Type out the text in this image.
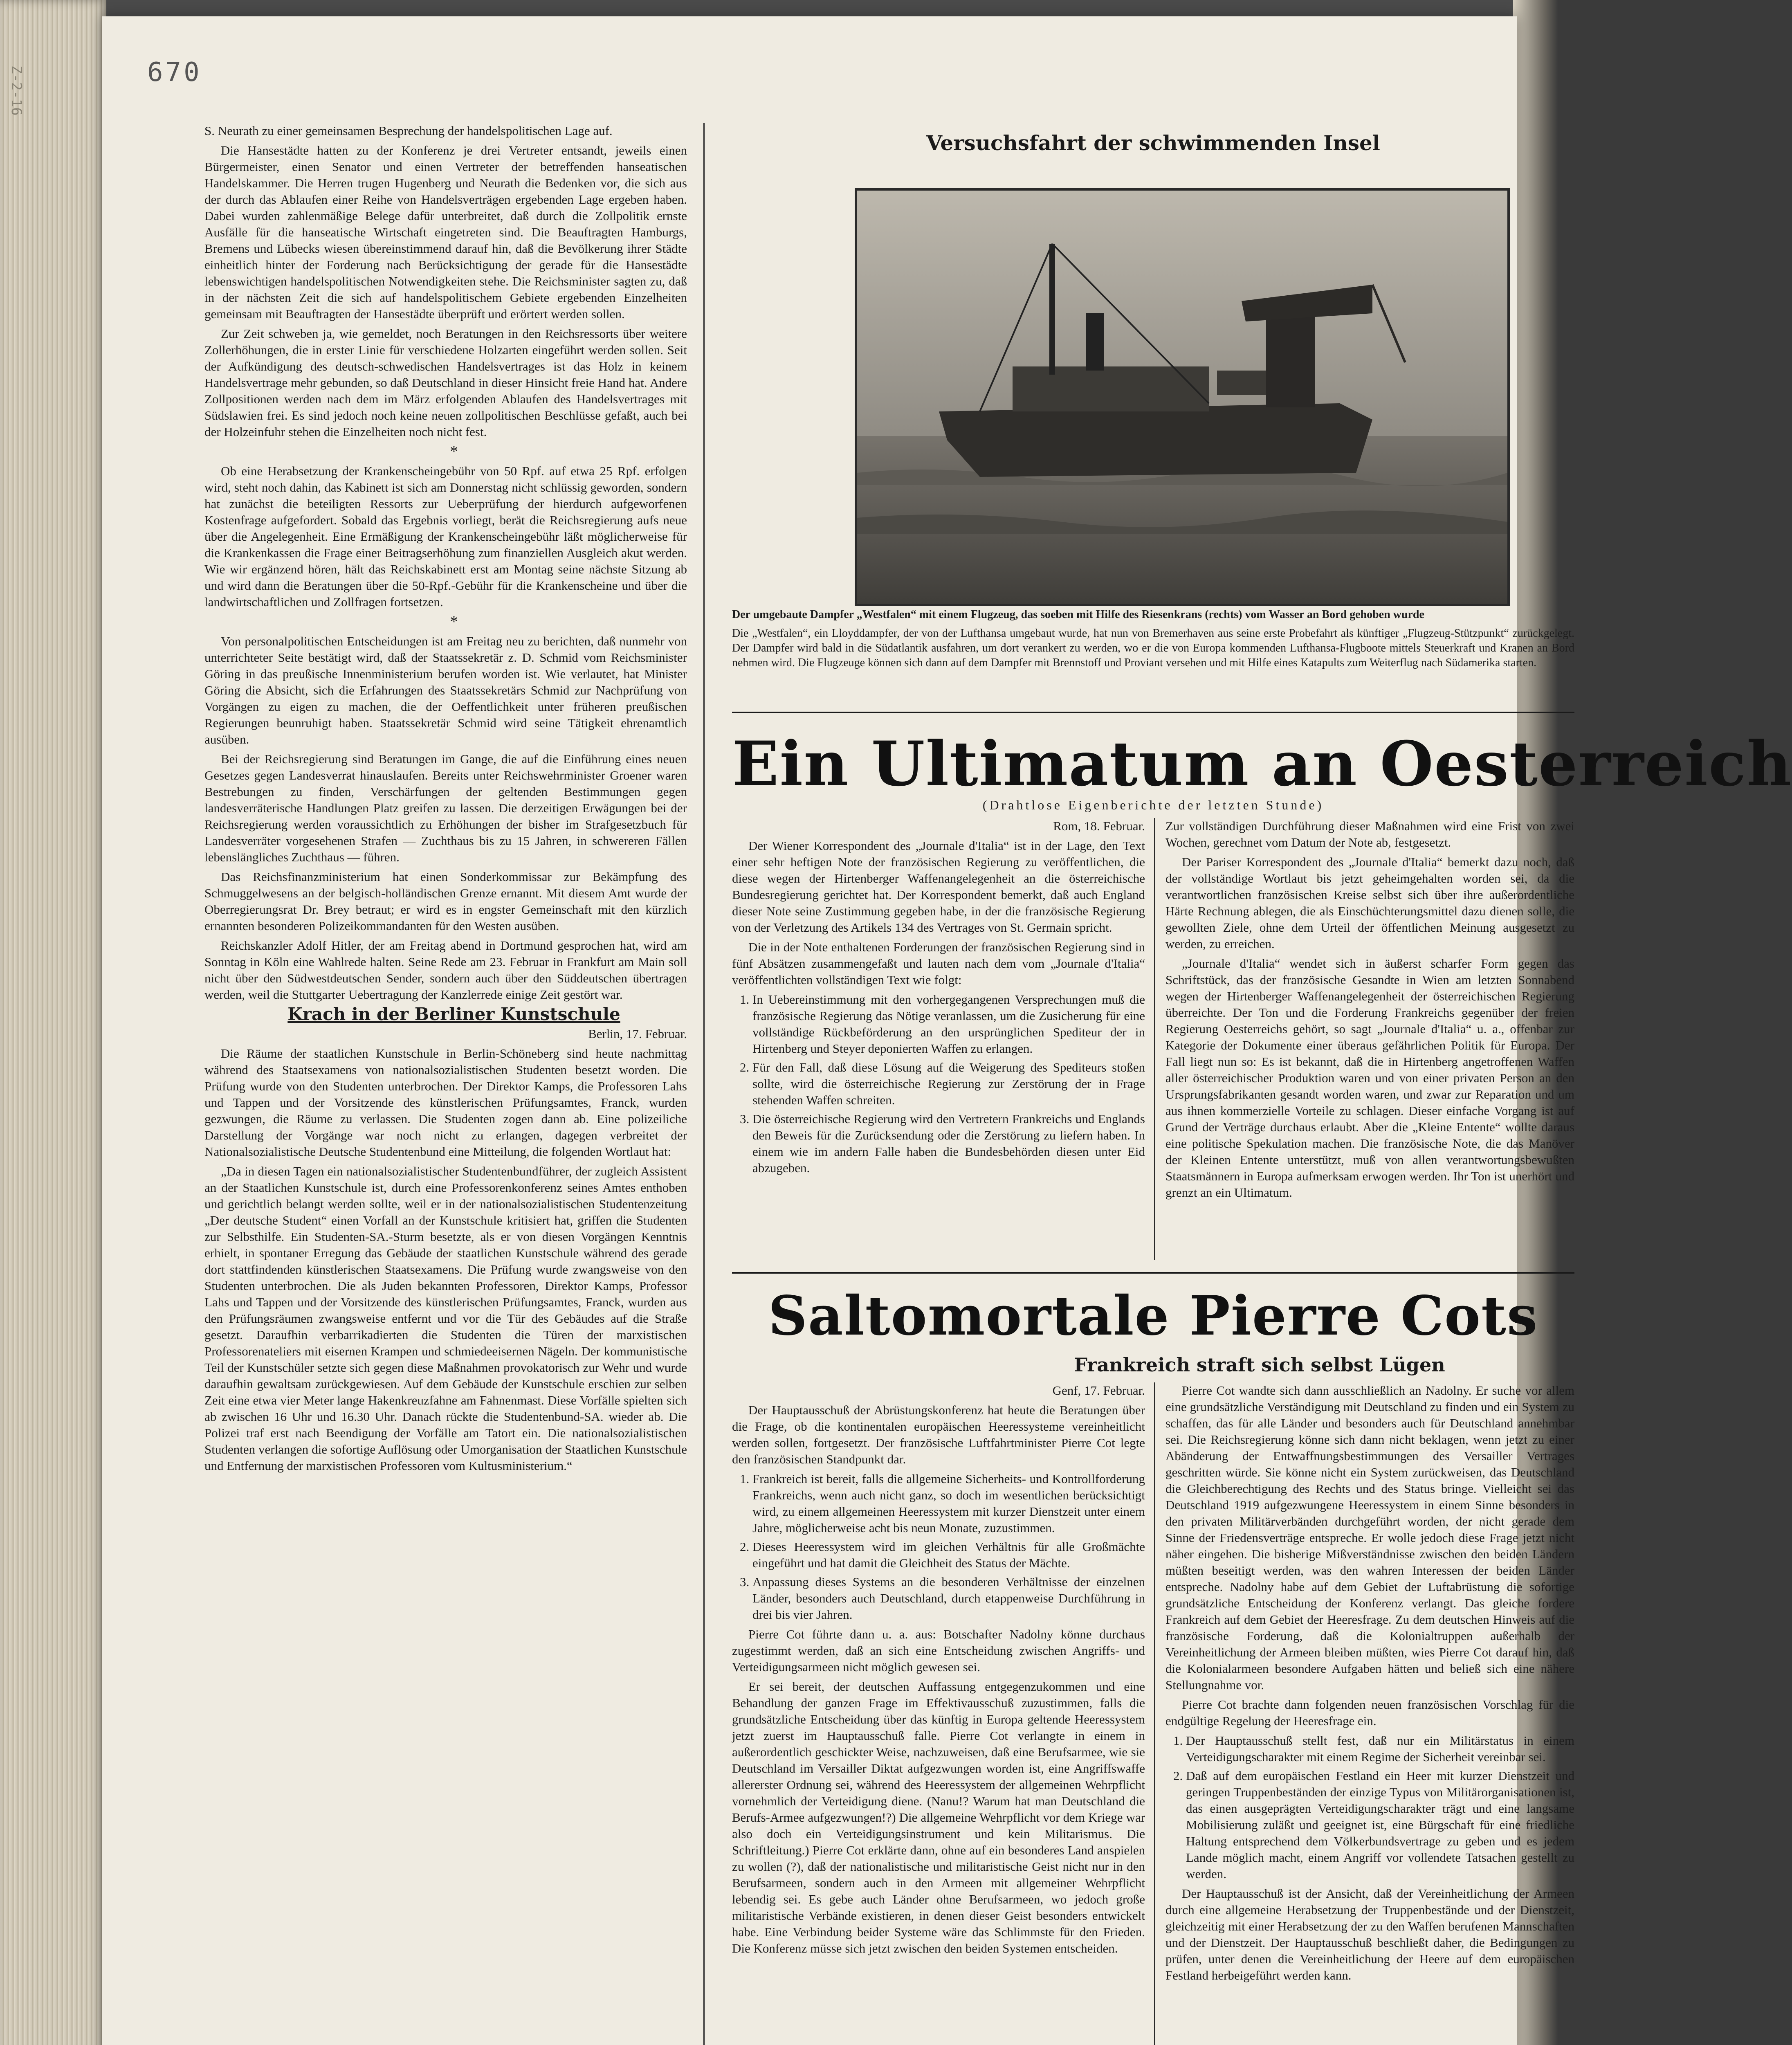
Z-2-16	670

S. Neurath zu einer gemeinsamen Besprechung der handelspolitischen Lage auf.

Die Hansestädte hatten zu der Konferenz je drei Vertreter entsandt, jeweils einen Bürgermeister, einen Senator und einen Vertreter der betreffenden hanseatischen Handelskammer. Die Herren trugen Hugenberg und Neurath die Bedenken vor, die sich aus der durch das Ablaufen einer Reihe von Handelsverträgen ergebenden Lage ergeben haben. Dabei wurden zahlenmäßige Belege dafür unterbreitet, daß durch die Zollpolitik ernste Ausfälle für die hanseatische Wirtschaft eingetreten sind. Die Beauftragten Hamburgs, Bremens und Lübecks wiesen übereinstimmend darauf hin, daß die Bevölkerung ihrer Städte einheitlich hinter der Forderung nach Berücksichtigung der gerade für die Hansestädte lebenswichtigen handelspolitischen Notwendigkeiten stehe. Die Reichsminister sagten zu, daß in der nächsten Zeit die sich auf handelspolitischem Gebiete ergebenden Einzelheiten gemeinsam mit Beauftragten der Hansestädte überprüft und erörtert werden sollen.

Zur Zeit schweben ja, wie gemeldet, noch Beratungen in den Reichsressorts über weitere Zollerhöhungen, die in erster Linie für verschiedene Holzarten eingeführt werden sollen. Seit der Aufkündigung des deutsch-schwedischen Handelsvertrages ist das Holz in keinem Handelsvertrage mehr gebunden, so daß Deutschland in dieser Hinsicht freie Hand hat. Andere Zollpositionen werden nach dem im März erfolgenden Ablaufen des Handelsvertrages mit Südslawien frei. Es sind jedoch noch keine neuen zollpolitischen Beschlüsse gefaßt, auch bei der Holzeinfuhr stehen die Einzelheiten noch nicht fest.

*

Ob eine Herabsetzung der Krankenscheingebühr von 50 Rpf. auf etwa 25 Rpf. erfolgen wird, steht noch dahin, das Kabinett ist sich am Donnerstag nicht schlüssig geworden, sondern hat zunächst die beteiligten Ressorts zur Ueberprüfung der hierdurch aufgeworfenen Kostenfrage aufgefordert. Sobald das Ergebnis vorliegt, berät die Reichsregierung aufs neue über die Angelegenheit. Eine Ermäßigung der Krankenscheingebühr läßt möglicherweise für die Krankenkassen die Frage einer Beitragserhöhung zum finanziellen Ausgleich akut werden. Wie wir ergänzend hören, hält das Reichskabinett erst am Montag seine nächste Sitzung ab und wird dann die Beratungen über die 50-Rpf.-Gebühr für die Krankenscheine und über die landwirtschaftlichen und Zollfragen fortsetzen.

*

Von personalpolitischen Entscheidungen ist am Freitag neu zu berichten, daß nunmehr von unterrichteter Seite bestätigt wird, daß der Staatssekretär z. D. Schmid vom Reichsminister Göring in das preußische Innenministerium berufen worden ist. Wie verlautet, hat Minister Göring die Absicht, sich die Erfahrungen des Staatssekretärs Schmid zur Nachprüfung von Vorgängen zu eigen zu machen, die der Oeffentlichkeit unter früheren preußischen Regierungen beunruhigt haben. Staatssekretär Schmid wird seine Tätigkeit ehrenamtlich ausüben.

Bei der Reichsregierung sind Beratungen im Gange, die auf die Einführung eines neuen Gesetzes gegen Landesverrat hinauslaufen. Bereits unter Reichswehrminister Groener waren Bestrebungen zu finden, Verschärfungen der geltenden Bestimmungen gegen landesverräterische Handlungen Platz greifen zu lassen. Die derzeitigen Erwägungen bei der Reichsregierung werden voraussichtlich zu Erhöhungen der bisher im Strafgesetzbuch für Landesverräter vorgesehenen Strafen — Zuchthaus bis zu 15 Jahren, in schwereren Fällen lebenslängliches Zuchthaus — führen.

Das Reichsfinanzministerium hat einen Sonderkommissar zur Bekämpfung des Schmuggelwesens an der belgisch-holländischen Grenze ernannt. Mit diesem Amt wurde der Oberregierungsrat Dr. Brey betraut; er wird es in engster Gemeinschaft mit den kürzlich ernannten besonderen Polizeikommandanten für den Westen ausüben.

Reichskanzler Adolf Hitler, der am Freitag abend in Dortmund gesprochen hat, wird am Sonntag in Köln eine Wahlrede halten. Seine Rede am 23. Februar in Frankfurt am Main soll nicht über den Südwestdeutschen Sender, sondern auch über den Süddeutschen übertragen werden, weil die Stuttgarter Uebertragung der Kanzlerrede einige Zeit gestört war.

Krach in der Berliner Kunstschule

Berlin, 17. Februar.

Die Räume der staatlichen Kunstschule in Berlin-Schöneberg sind heute nachmittag während des Staatsexamens von nationalsozialistischen Studenten besetzt worden. Die Prüfung wurde von den Studenten unterbrochen. Der Direktor Kamps, die Professoren Lahs und Tappen und der Vorsitzende des künstlerischen Prüfungsamtes, Franck, wurden gezwungen, die Räume zu verlassen. Die Studenten zogen dann ab. Eine polizeiliche Darstellung der Vorgänge war noch nicht zu erlangen, dagegen verbreitet der Nationalsozialistische Deutsche Studentenbund eine Mitteilung, die folgenden Wortlaut hat:

„Da in diesen Tagen ein nationalsozialistischer Studentenbundführer, der zugleich Assistent an der Staatlichen Kunstschule ist, durch eine Professorenkonferenz seines Amtes enthoben und gerichtlich belangt werden sollte, weil er in der nationalsozialistischen Studentenzeitung „Der deutsche Student“ einen Vorfall an der Kunstschule kritisiert hat, griffen die Studenten zur Selbsthilfe. Ein Studenten-SA.-Sturm besetzte, als er von diesen Vorgängen Kenntnis erhielt, in spontaner Erregung das Gebäude der staatlichen Kunstschule während des gerade dort stattfindenden künstlerischen Staatsexamens. Die Prüfung wurde zwangsweise von den Studenten unterbrochen. Die als Juden bekannten Professoren, Direktor Kamps, Professor Lahs und Tappen und der Vorsitzende des künstlerischen Prüfungsamtes, Franck, wurden aus den Prüfungsräumen zwangsweise entfernt und vor die Tür des Gebäudes auf die Straße gesetzt. Daraufhin verbarrikadierten die Studenten die Türen der marxistischen Professorenateliers mit eisernen Krampen und schmiedeeisernen Nägeln. Der kommunistische Teil der Kunstschüler setzte sich gegen diese Maßnahmen provokatorisch zur Wehr und wurde daraufhin gewaltsam zurückgewiesen. Auf dem Gebäude der Kunstschule erschien zur selben Zeit eine etwa vier Meter lange Hakenkreuzfahne am Fahnenmast. Diese Vorfälle spielten sich ab zwischen 16 Uhr und 16.30 Uhr. Danach rückte die Studentenbund-SA. wieder ab. Die Polizei traf erst nach Beendigung der Vorfälle am Tatort ein. Die nationalsozialistischen Studenten verlangen die sofortige Auflösung oder Umorganisation der Staatlichen Kunstschule und Entfernung der marxistischen Professoren vom Kultusministerium.“

Versuchsfahrt der schwimmenden Insel
Der umgebaute Dampfer „Westfalen“ mit einem Flugzeug, das soeben mit Hilfe des Riesenkrans (rechts) vom Wasser an Bord gehoben wurde
Die „Westfalen“, ein Lloyddampfer, der von der Lufthansa umgebaut wurde, hat nun von Bremerhaven aus seine erste Probefahrt als künftiger „Flugzeug-Stützpunkt“ zurückgelegt. Der Dampfer wird bald in die Südatlantik ausfahren, um dort verankert zu werden, wo er die von Europa kommenden Lufthansa-Flugboote mittels Steuerkraft und Kranen an Bord nehmen wird. Die Flugzeuge können sich dann auf dem Dampfer mit Brennstoff und Proviant versehen und mit Hilfe eines Katapults zum Weiterflug nach Südamerika starten.
Ein Ultimatum an Oesterreich
(Drahtlose Eigenberichte der letzten Stunde)

Rom, 18. Februar.

Der Wiener Korrespondent des „Journale d'Italia“ ist in der Lage, den Text einer sehr heftigen Note der französischen Regierung zu veröffentlichen, die diese wegen der Hirtenberger Waffenangelegenheit an die österreichische Bundesregierung gerichtet hat. Der Korrespondent bemerkt, daß auch England dieser Note seine Zustimmung gegeben habe, in der die französische Regierung von der Verletzung des Artikels 134 des Vertrages von St. Germain spricht.

Die in der Note enthaltenen Forderungen der französischen Regierung sind in fünf Absätzen zusammengefaßt und lauten nach dem vom „Journale d'Italia“ veröffentlichten vollständigen Text wie folgt:

1. In Uebereinstimmung mit den vorhergegangenen Versprechungen muß die französische Regierung das Nötige veranlassen, um die Zusicherung für eine vollständige Rückbeförderung an den ursprünglichen Spediteur der in Hirtenberg und Steyer deponierten Waffen zu erlangen.
2. Für den Fall, daß diese Lösung auf die Weigerung des Spediteurs stoßen sollte, wird die österreichische Regierung zur Zerstörung der in Frage stehenden Waffen schreiten.
3. Die österreichische Regierung wird den Vertretern Frankreichs und Englands den Beweis für die Zurücksendung oder die Zerstörung zu liefern haben. In einem wie im andern Falle haben die Bundesbehörden diesen unter Eid abzugeben.

Zur vollständigen Durchführung dieser Maßnahmen wird eine Frist von zwei Wochen, gerechnet vom Datum der Note ab, festgesetzt.

Der Pariser Korrespondent des „Journale d'Italia“ bemerkt dazu noch, daß der vollständige Wortlaut bis jetzt geheimgehalten worden sei, da die verantwortlichen französischen Kreise selbst sich über ihre außerordentliche Härte Rechnung ablegen, die als Einschüchterungsmittel dazu dienen solle, die gewollten Ziele, ohne dem Urteil der öffentlichen Meinung ausgesetzt zu werden, zu erreichen.

„Journale d'Italia“ wendet sich in äußerst scharfer Form gegen das Schriftstück, das der französische Gesandte in Wien am letzten Sonnabend wegen der Hirtenberger Waffenangelegenheit der österreichischen Regierung überreichte. Der Ton und die Forderung Frankreichs gegenüber der freien Regierung Oesterreichs gehört, so sagt „Journale d'Italia“ u. a., offenbar zur Kategorie der Dokumente einer überaus gefährlichen Politik für Europa. Der Fall liegt nun so: Es ist bekannt, daß die in Hirtenberg angetroffenen Waffen aller österreichischer Produktion waren und von einer privaten Person an den Ursprungsfabrikanten gesandt worden waren, und zwar zur Reparation und um aus ihnen kommerzielle Vorteile zu schlagen. Dieser einfache Vorgang ist auf Grund der Verträge durchaus erlaubt. Aber die „Kleine Entente“ wollte daraus eine politische Spekulation machen. Die französische Note, die das Manöver der Kleinen Entente unterstützt, muß von allen verantwortungsbewußten Staatsmännern in Europa aufmerksam erwogen werden. Ihr Ton ist unerhört und grenzt an ein Ultimatum.

Saltomortale Pierre Cots
Frankreich straft sich selbst Lügen

Genf, 17. Februar.

Der Hauptausschuß der Abrüstungskonferenz hat heute die Beratungen über die Frage, ob die kontinentalen europäischen Heeressysteme vereinheitlicht werden sollen, fortgesetzt. Der französische Luftfahrtminister Pierre Cot legte den französischen Standpunkt dar.

1. Frankreich ist bereit, falls die allgemeine Sicherheits- und Kontrollforderung Frankreichs, wenn auch nicht ganz, so doch im wesentlichen berücksichtigt wird, zu einem allgemeinen Heeressystem mit kurzer Dienstzeit unter einem Jahre, möglicherweise acht bis neun Monate, zuzustimmen.
2. Dieses Heeressystem wird im gleichen Verhältnis für alle Großmächte eingeführt und hat damit die Gleichheit des Status der Mächte.
3. Anpassung dieses Systems an die besonderen Verhältnisse der einzelnen Länder, besonders auch Deutschland, durch etappenweise Durchführung in drei bis vier Jahren.

Pierre Cot führte dann u. a. aus: Botschafter Nadolny könne durchaus zugestimmt werden, daß an sich eine Entscheidung zwischen Angriffs- und Verteidigungsarmeen nicht möglich gewesen sei.

Er sei bereit, der deutschen Auffassung entgegenzukommen und eine Behandlung der ganzen Frage im Effektivausschuß zuzustimmen, falls die grundsätzliche Entscheidung über das künftig in Europa geltende Heeressystem jetzt zuerst im Hauptausschuß falle. Pierre Cot verlangte in einem in außerordentlich geschickter Weise, nachzuweisen, daß eine Berufsarmee, wie sie Deutschland im Versailler Diktat aufgezwungen worden ist, eine Angriffswaffe allererster Ordnung sei, während des Heeressystem der allgemeinen Wehrpflicht vornehmlich der Verteidigung diene. (Nanu!? Warum hat man Deutschland die Berufs-Armee aufgezwungen!?) Die allgemeine Wehrpflicht vor dem Kriege war also doch ein Verteidigungsinstrument und kein Militarismus. Die Schriftleitung.) Pierre Cot erklärte dann, ohne auf ein besonderes Land anspielen zu wollen (?), daß der nationalistische und militaristische Geist nicht nur in den Berufsarmeen, sondern auch in den Armeen mit allgemeiner Wehrpflicht lebendig sei. Es gebe auch Länder ohne Berufsarmeen, wo jedoch große militaristische Verbände existieren, in denen dieser Geist besonders entwickelt habe. Eine Verbindung beider Systeme wäre das Schlimmste für den Frieden. Die Konferenz müsse sich jetzt zwischen den beiden Systemen entscheiden.

Pierre Cot wandte sich dann ausschließlich an Nadolny. Er suche vor allem eine grundsätzliche Verständigung mit Deutschland zu finden und ein System zu schaffen, das für alle Länder und besonders auch für Deutschland annehmbar sei. Die Reichsregierung könne sich dann nicht beklagen, wenn jetzt zu einer Abänderung der Entwaffnungsbestimmungen des Versailler Vertrages geschritten würde. Sie könne nicht ein System zurückweisen, das Deutschland die Gleichberechtigung des Rechts und des Status bringe. Vielleicht sei das Deutschland 1919 aufgezwungene Heeressystem in einem Sinne besonders in den privaten Militärverbänden durchgeführt worden, der nicht gerade dem Sinne der Friedensverträge entspreche. Er wolle jedoch diese Frage jetzt nicht näher eingehen. Die bisherige Mißverständnisse zwischen den beiden Ländern müßten beseitigt werden, was den wahren Interessen der beiden Länder entspreche. Nadolny habe auf dem Gebiet der Luftabrüstung die sofortige grundsätzliche Entscheidung der Konferenz verlangt. Das gleiche fordere Frankreich auf dem Gebiet der Heeresfrage. Zu dem deutschen Hinweis auf die französische Forderung, daß die Kolonialtruppen außerhalb der Vereinheitlichung der Armeen bleiben müßten, wies Pierre Cot darauf hin, daß die Kolonialarmeen besondere Aufgaben hätten und beließ sich eine nähere Stellungnahme vor.

Pierre Cot brachte dann folgenden neuen französischen Vorschlag für die endgültige Regelung der Heeresfrage ein.

1. Der Hauptausschuß stellt fest, daß nur ein Militärstatus in einem Verteidigungscharakter mit einem Regime der Sicherheit vereinbar sei.
2. Daß auf dem europäischen Festland ein Heer mit kurzer Dienstzeit und geringen Truppenbeständen der einzige Typus von Militärorganisationen ist, das einen ausgeprägten Verteidigungscharakter trägt und eine langsame Mobilisierung zuläßt und geeignet ist, eine Bürgschaft für eine friedliche Haltung entsprechend dem Völkerbundsvertrage zu geben und es jedem Lande möglich macht, einem Angriff vor vollendete Tatsachen gestellt zu werden.

Der Hauptausschuß ist der Ansicht, daß der Vereinheitlichung der Armeen durch eine allgemeine Herabsetzung der Truppenbestände und der Dienstzeit, gleichzeitig mit einer Herabsetzung der zu den Waffen berufenen Mannschaften und der Dienstzeit. Der Hauptausschuß beschließt daher, die Bedingungen zu prüfen, unter denen die Vereinheitlichung der Heere auf dem europäischen Festland herbeigeführt werden kann.
